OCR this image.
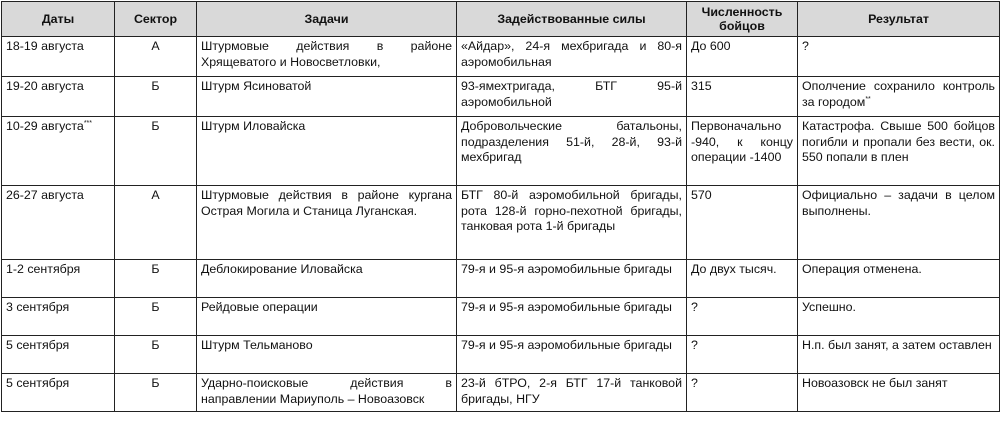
Даты	Сектор	Задачи	Задействованные силы	Численность бойцов	Результат
18-19 августа	А	Штурмовые действия в районе Хрящеватого и Новосветловки,	«Айдар», 24-я мехбригада и 80-я аэромобильная	До 600	?
19-20 августа	Б	Штурм Ясиноватой	93-ямехтригада, БТГ 95-й аэромобильной	315	Ополчение сохранило контроль за городом**
10-29 августа***	Б	Штурм Иловайска	Добровольческие батальоны, подразделения 51-й, 28-й, 93-й мехбригад	Первоначально -940, к концу операции -1400	Катастрофа. Свыше 500 бойцов погибли и пропали без вести, ок. 550 попали в плен
26-27 августа	А	Штурмовые действия в районе кургана Острая Могила и Станица Луганская.	БТГ 80-й аэромобильной бригады, рота 128-й горно-пехотной бригады, танковая рота 1-й бригады	570	Официально – задачи в целом выполнены.
1-2 сентября	Б	Деблокирование Иловайска	79-я и 95-я аэромобильные бригады	До двух тысяч.	Операция отменена.
3 сентября	Б	Рейдовые операции	79-я и 95-я аэромобильные бригады	?	Успешно.
5 сентября	Б	Штурм Тельманово	79-я и 95-я аэромобильные бригады	?	Н.п. был занят, а затем оставлен
5 сентября	Б	Ударно-поисковые действия в направлении Мариуполь – Новоазовск	23-й бТРО, 2-я БТГ 17-й танковой бригады, НГУ	?	Новоазовск не был занят
